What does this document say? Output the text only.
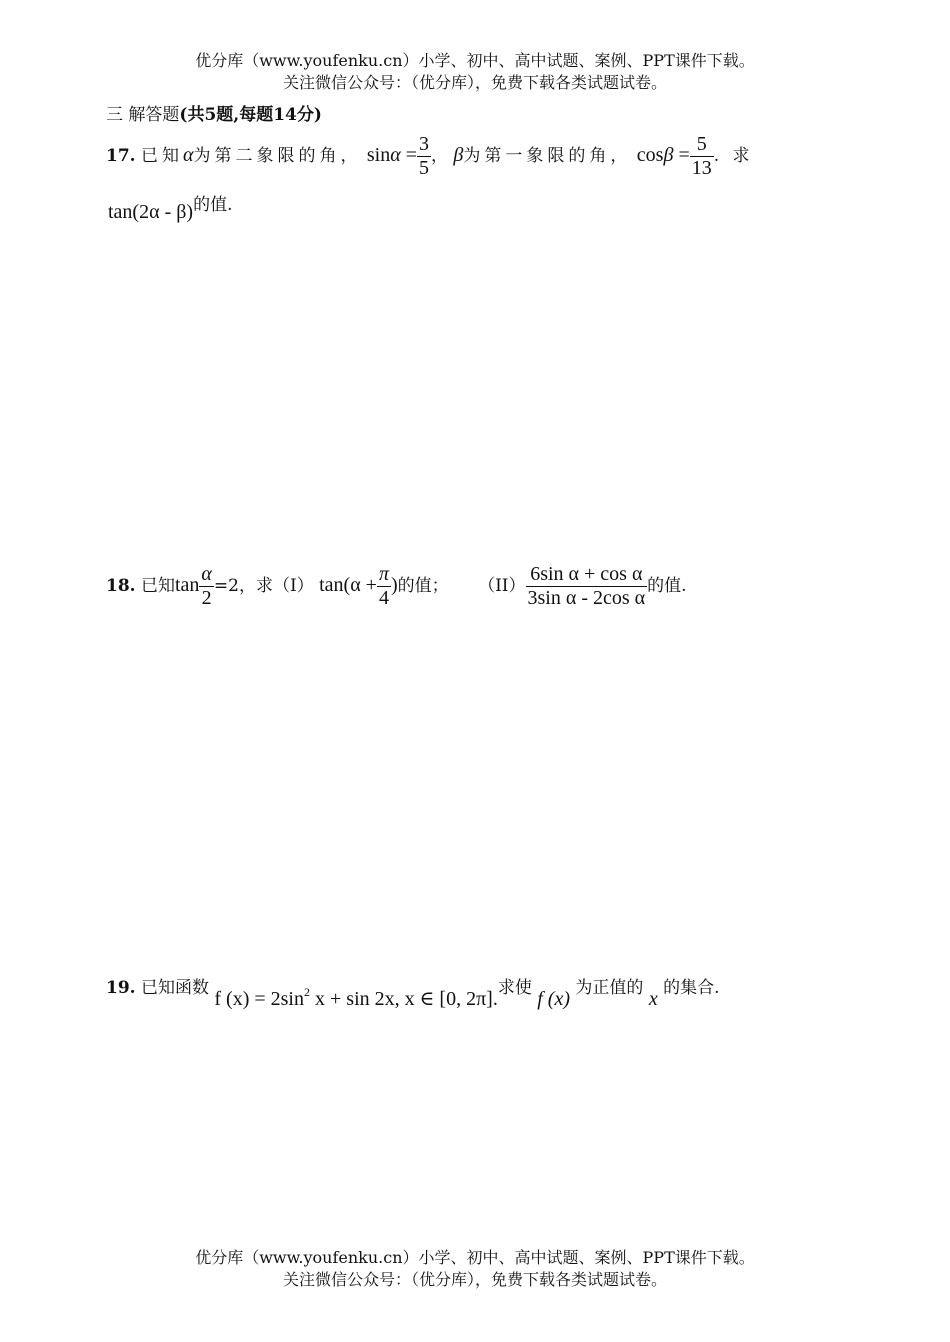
优分库（www.youfenku.cn）小学、初中、高中试题、案例、PPT课件下载。
关注微信公众号：（优分库），免费下载各类试题试卷。
三 解答题(共5题,每题14分)
17. 已知α为第二象限的角， $\sin\alpha = \frac{3}{5}$ ， β为第一象限的角， $\cos\beta = \frac{5}{13}$ . 求
tan(2α - β)的值.
18. 已知$\tan \frac{\alpha}{2} =2$，求（I） $\tan(\alpha + \frac{\pi}{4}$ )的值； $(II) \frac{\text{6sin α + cos α}}{\text{3sin α - 2cos α}}$ 的值.
19. 已知函数 f $(x) = 2\sin^2$ x + sin 2x, x ∈ [0, 2π].求使 f (x) 为正值的 x 的集合.
优分库（www.youfenku.cn）小学、初中、高中试题、案例、PPT课件下载。
关注微信公众号：（优分库），免费下载各类试题试卷。
